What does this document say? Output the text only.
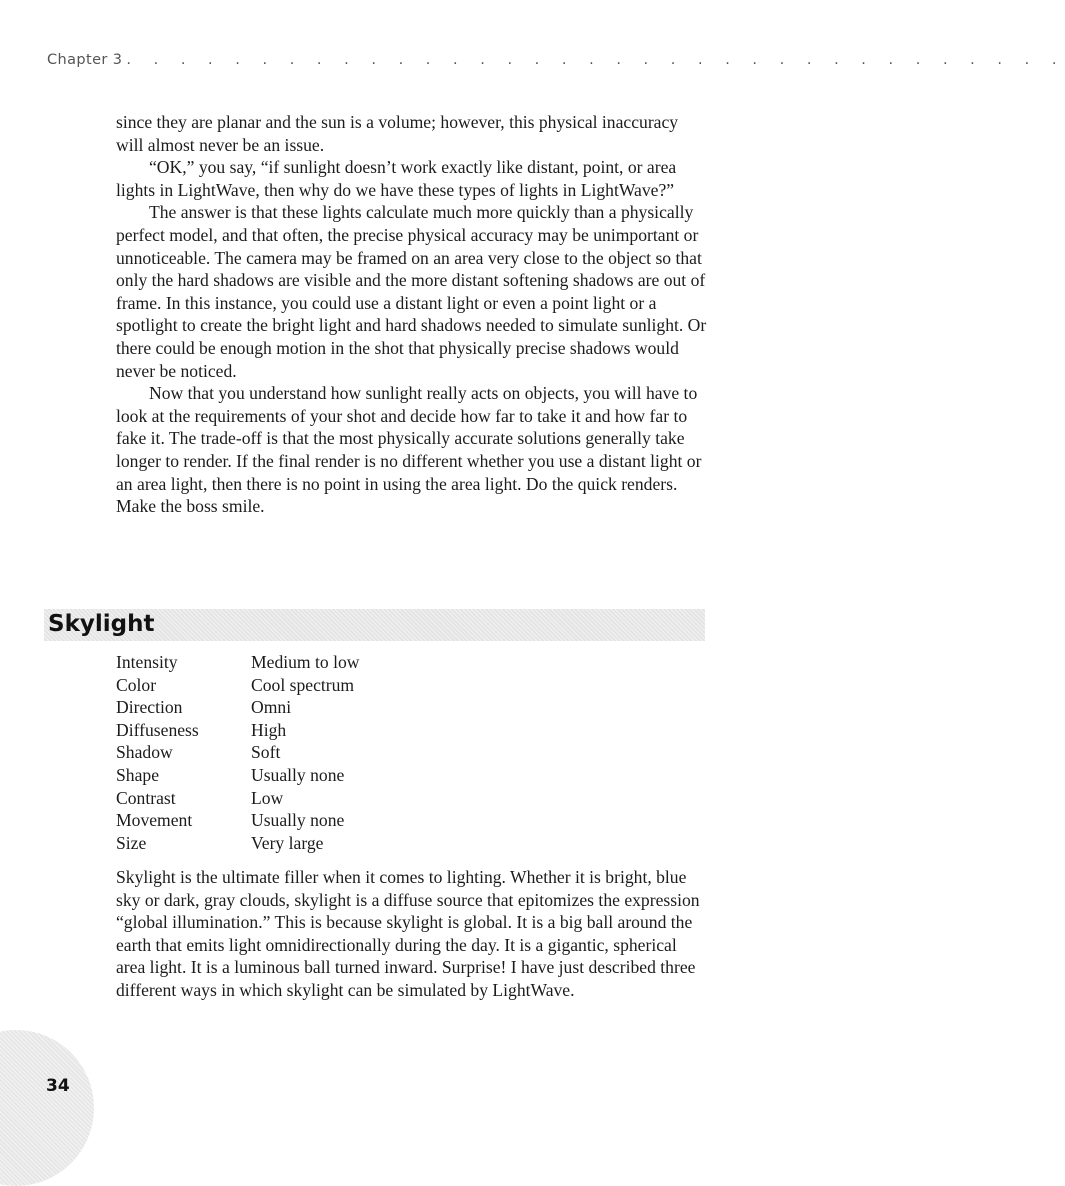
Chapter 3 . . . . . . . . . . . . . . . . . . . . . . . . . . . . . . . . . . .

since they are planar and the sun is a volume; however, this physical inaccuracy will almost never be an issue.

“OK,” you say, “if sunlight doesn’t work exactly like distant, point, or area lights in LightWave, then why do we have these types of lights in LightWave?”

The answer is that these lights calculate much more quickly than a physically perfect model, and that often, the precise physical accuracy may be unimportant or unnoticeable. The camera may be framed on an area very close to the object so that only the hard shadows are visible and the more distant softening shadows are out of frame. In this instance, you could use a distant light or even a point light or a spotlight to create the bright light and hard shadows needed to simulate sunlight. Or there could be enough motion in the shot that physically precise shadows would never be noticed.

Now that you understand how sunlight really acts on objects, you will have to look at the requirements of your shot and decide how far to take it and how far to fake it. The trade-off is that the most physically accurate solutions generally take longer to render. If the final render is no different whether you use a distant light or an area light, then there is no point in using the area light. Do the quick renders. Make the boss smile.

Skylight
Intensity	Medium to low
Color	Cool spectrum
Direction	Omni
Diffuseness	High
Shadow	Soft
Shape	Usually none
Contrast	Low
Movement	Usually none
Size	Very large

Skylight is the ultimate filler when it comes to lighting. Whether it is bright, blue sky or dark, gray clouds, skylight is a diffuse source that epitomizes the expression “global illumination.” This is because skylight is global. It is a big ball around the earth that emits light omnidirectionally during the day. It is a gigantic, spherical area light. It is a luminous ball turned inward. Surprise! I have just described three different ways in which skylight can be simulated by LightWave.

34
